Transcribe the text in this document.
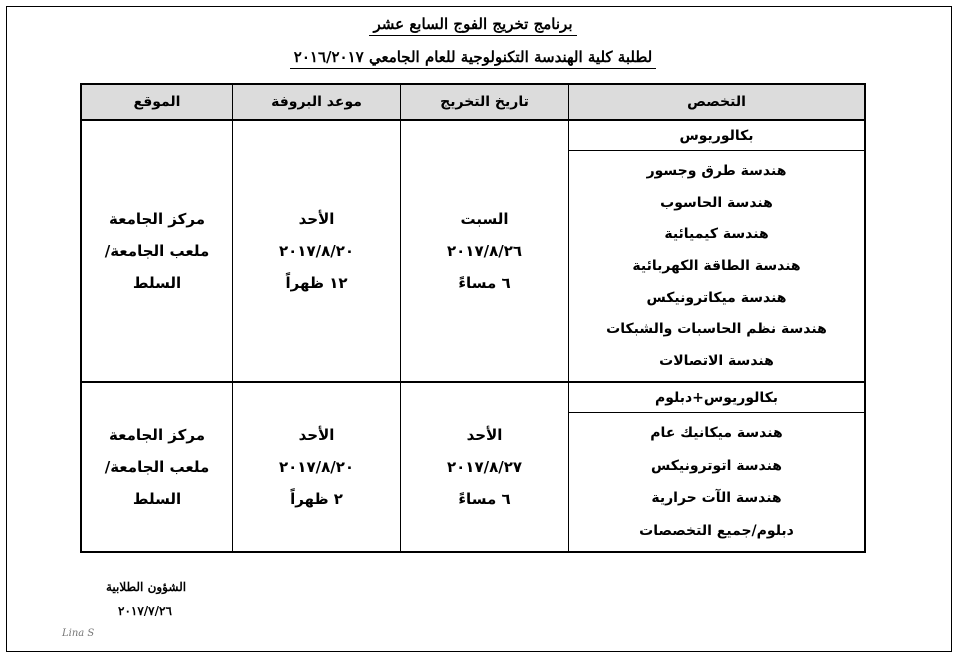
برنامج تخريج الفوج السابع عشر
لطلبة كلية الهندسة التكنولوجية للعام الجامعي ٢٠١٦/٢٠١٧
التخصص
تاريخ التخريج
موعد البروفة
الموقع
بكالوريوس
هندسة طرق وجسور
هندسة الحاسوب
هندسة كيميائية
هندسة الطاقة الكهربائية
هندسة ميكاترونيكس
هندسة نظم الحاسبات والشبكات
هندسة الاتصالات
السبت
٢٠١٧/٨/٢٦
٦ مساءً
الأحد
٢٠١٧/٨/٢٠
١٢ ظهراً
مركز الجامعة
ملعب الجامعة/
السلط
بكالوريوس+دبلوم
هندسة ميكانيك عام
هندسة اتوترونيكس
هندسة الآت حرارية
دبلوم/جميع التخصصات
الأحد
٢٠١٧/٨/٢٧
٦ مساءً
الأحد
٢٠١٧/٨/٢٠
٢ ظهراً
مركز الجامعة
ملعب الجامعة/
السلط
الشؤون الطلابية
٢٠١٧/٧/٢٦
Lina S
